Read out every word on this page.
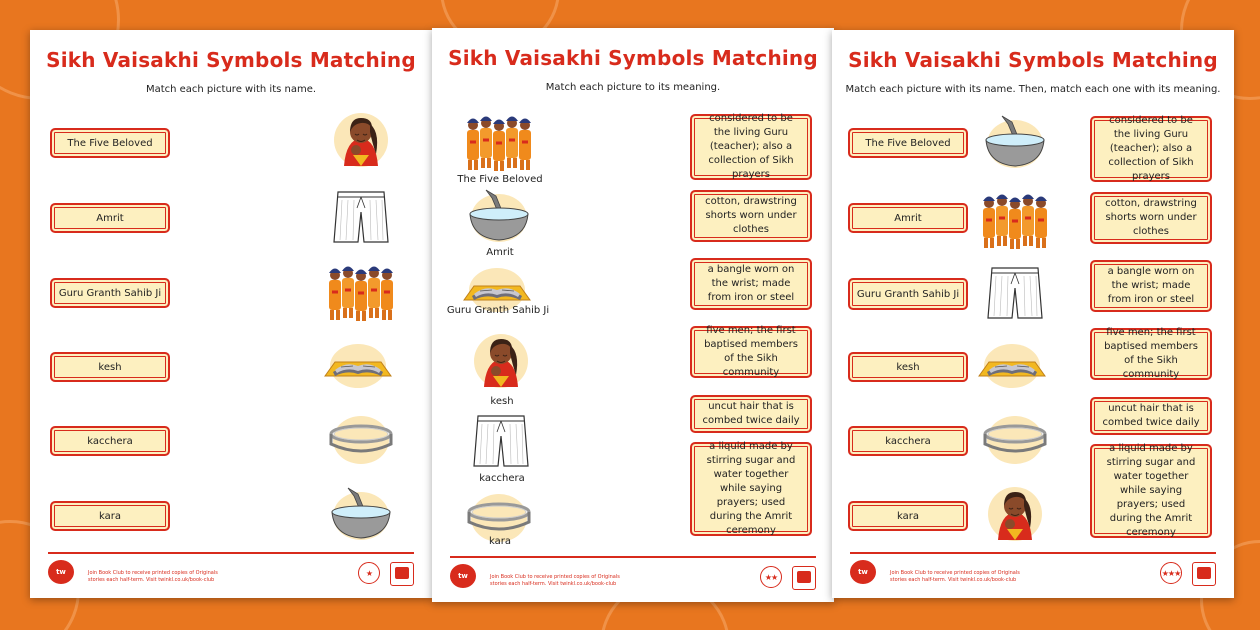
Sikh Vaisakhi Symbols Matching
Match each picture with its name.
The Five Beloved
Amrit
Guru Granth Sahib Ji
kesh
kacchera
kara
tw	Join Book Club to receive printed copies of Originals stories each half-term. Visit twinkl.co.uk/book-club
★
Sikh Vaisakhi Symbols Matching
Match each picture to its meaning.
The Five Beloved
Amrit
Guru Granth Sahib Ji
kesh
kacchera
kara
considered to be the living Guru (teacher); also a collection of Sikh prayers
cotton, drawstring shorts worn under clothes
a bangle worn on the wrist; made from iron or steel
five men; the first baptised members of the Sikh community
uncut hair that is combed twice daily
a liquid made by stirring sugar and water together while saying prayers; used during the Amrit ceremony
tw	Join Book Club to receive printed copies of Originals stories each half-term. Visit twinkl.co.uk/book-club
★★
Sikh Vaisakhi Symbols Matching
Match each picture with its name. Then, match each one with its meaning.
The Five Beloved
Amrit
Guru Granth Sahib Ji
kesh
kacchera
kara
considered to be the living Guru (teacher); also a collection of Sikh prayers
cotton, drawstring shorts worn under clothes
a bangle worn on the wrist; made from iron or steel
five men; the first baptised members of the Sikh community
uncut hair that is combed twice daily
a liquid made by stirring sugar and water together while saying prayers; used during the Amrit ceremony
tw	Join Book Club to receive printed copies of Originals stories each half-term. Visit twinkl.co.uk/book-club
★★★
